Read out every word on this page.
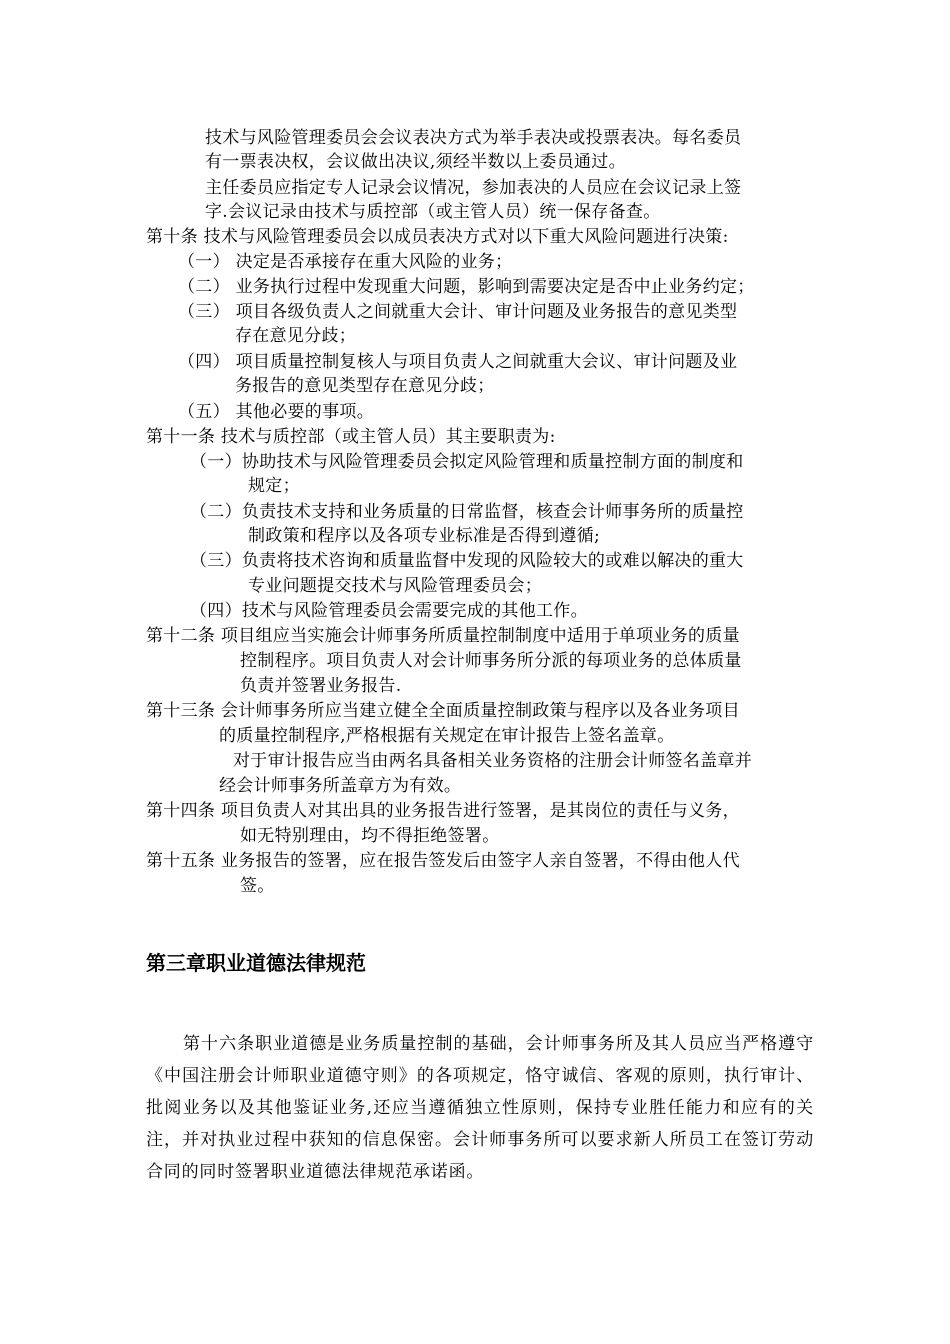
技术与风险管理委员会会议表决方式为举手表决或投票表决。每名委员
有一票表决权，会议做出决议,须经半数以上委员通过。
主任委员应指定专人记录会议情况，参加表决的人员应在会议记录上签
字.会议记录由技术与质控部（或主管人员）统一保存备查。
第十条 技术与风险管理委员会以成员表决方式对以下重大风险问题进行决策:
（一） 决定是否承接存在重大风险的业务；
（二） 业务执行过程中发现重大问题，影响到需要决定是否中止业务约定；
（三） 项目各级负责人之间就重大会计、审计问题及业务报告的意见类型
存在意见分歧；
（四） 项目质量控制复核人与项目负责人之间就重大会议、审计问题及业
务报告的意见类型存在意见分歧；
（五） 其他必要的事项。
第十一条 技术与质控部（或主管人员）其主要职责为:
（一）协助技术与风险管理委员会拟定风险管理和质量控制方面的制度和
规定；
（二）负责技术支持和业务质量的日常监督，核查会计师事务所的质量控
制政策和程序以及各项专业标准是否得到遵循;
（三）负责将技术咨询和质量监督中发现的风险较大的或难以解决的重大
专业问题提交技术与风险管理委员会；
（四）技术与风险管理委员会需要完成的其他工作。
第十二条 项目组应当实施会计师事务所质量控制制度中适用于单项业务的质量
控制程序。项目负责人对会计师事务所分派的每项业务的总体质量
负责并签署业务报告.
第十三条 会计师事务所应当建立健全全面质量控制政策与程序以及各业务项目
的质量控制程序,严格根据有关规定在审计报告上签名盖章。
对于审计报告应当由两名具备相关业务资格的注册会计师签名盖章并
经会计师事务所盖章方为有效。
第十四条 项目负责人对其出具的业务报告进行签署，是其岗位的责任与义务，
如无特别理由，均不得拒绝签署。
第十五条 业务报告的签署，应在报告签发后由签字人亲自签署，不得由他人代
签。
第三章职业道德法律规范

第十六条职业道德是业务质量控制的基础，会计师事务所及其人员应当严格遵守《中国注册会计师职业道德守则》的各项规定，恪守诚信、客观的原则，执行审计、批阅业务以及其他鉴证业务,还应当遵循独立性原则，保持专业胜任能力和应有的关注，并对执业过程中获知的信息保密。会计师事务所可以要求新人所员工在签订劳动合同的同时签署职业道德法律规范承诺函。
